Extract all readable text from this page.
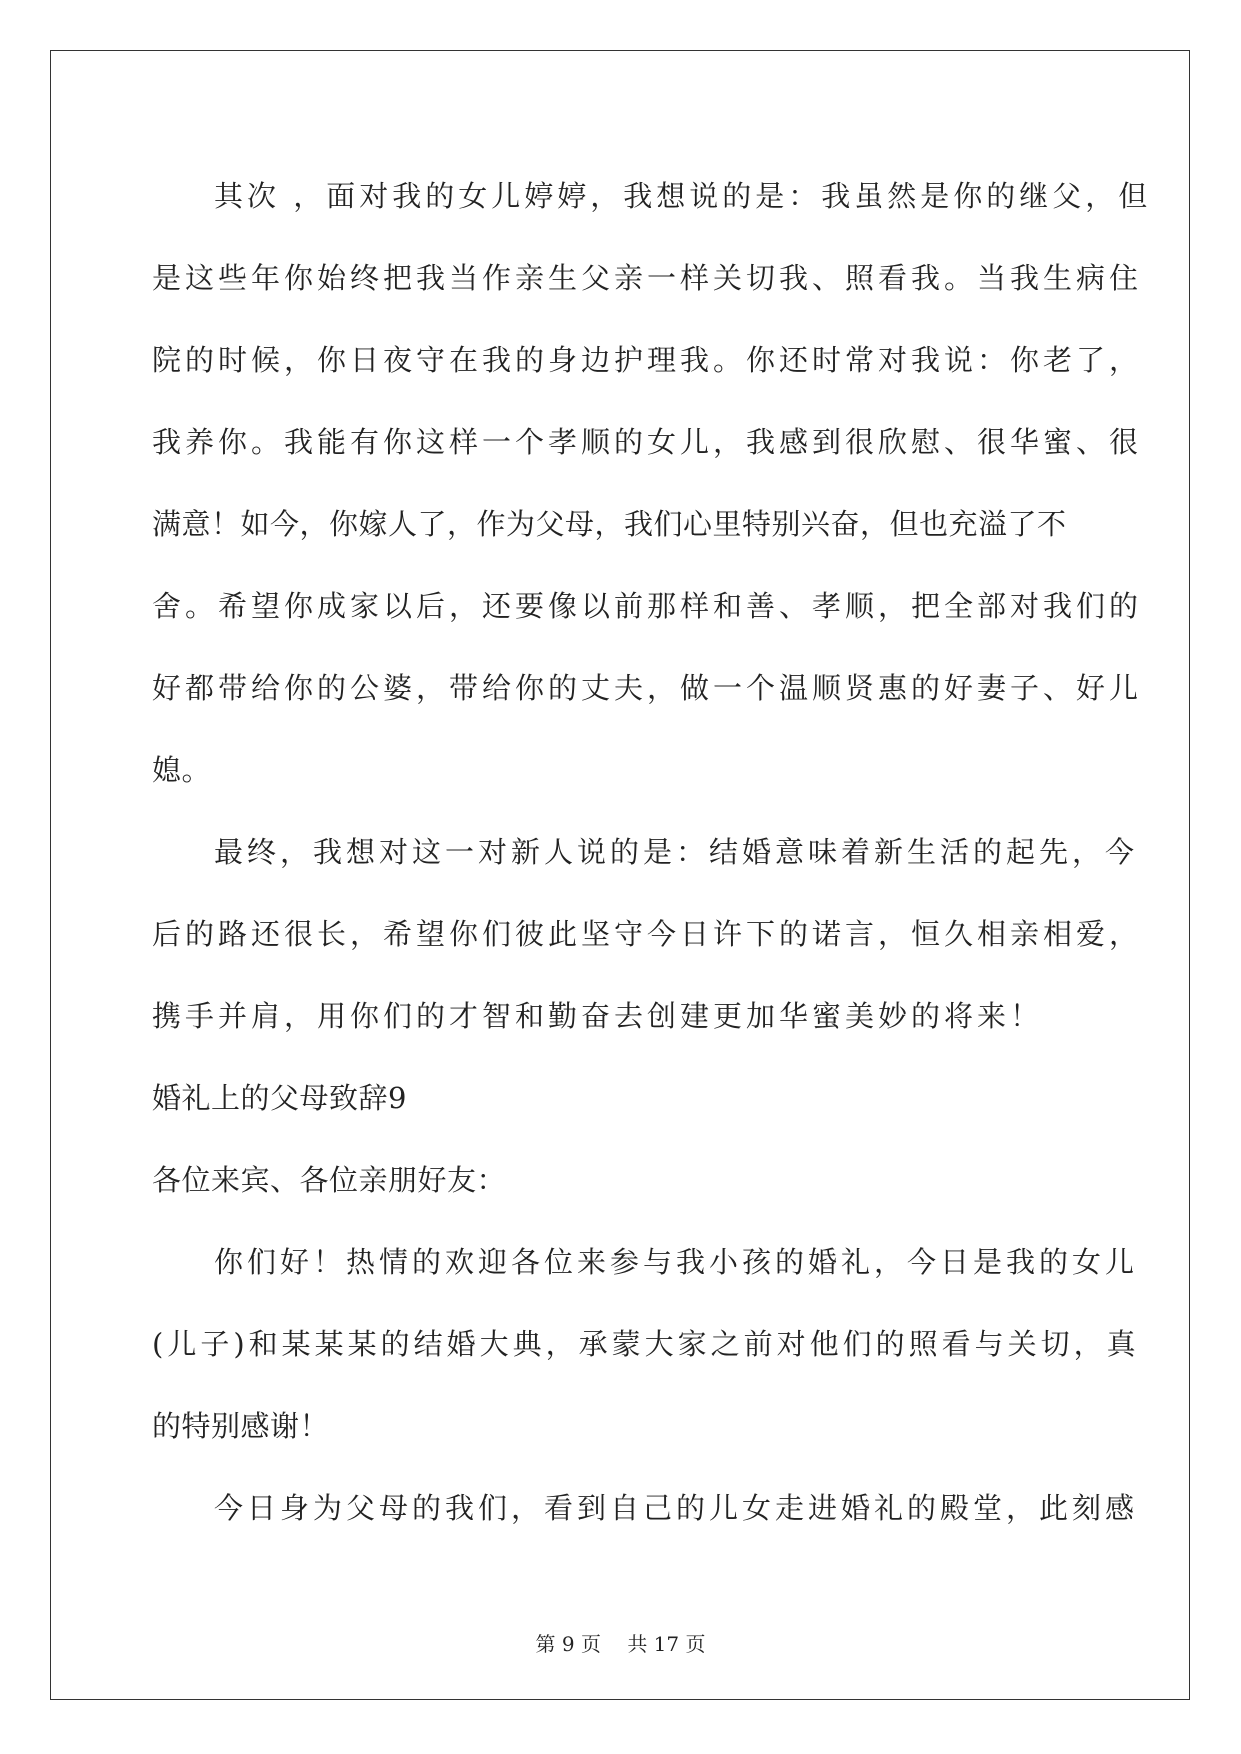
其次 ，面对我的女儿婷婷，我想说的是：我虽然是你的继父，但
是这些年你始终把我当作亲生父亲一样关切我、照看我。当我生病住
院的时候，你日夜守在我的身边护理我。你还时常对我说：你老了，
我养你。我能有你这样一个孝顺的女儿，我感到很欣慰、很华蜜、很
满意！如今，你嫁人了，作为父母，我们心里特别兴奋，但也充溢了不
舍。希望你成家以后，还要像以前那样和善、孝顺，把全部对我们的
好都带给你的公婆，带给你的丈夫，做一个温顺贤惠的好妻子、好儿
媳。
最终，我想对这一对新人说的是：结婚意味着新生活的起先，今
后的路还很长，希望你们彼此坚守今日许下的诺言，恒久相亲相爱，
携手并肩，用你们的才智和勤奋去创建更加华蜜美妙的将来！
婚礼上的父母致辞9
各位来宾、各位亲朋好友：
你们好！热情的欢迎各位来参与我小孩的婚礼，今日是我的女儿
(儿子)和某某某的结婚大典，承蒙大家之前对他们的照看与关切，真
的特别感谢！
今日身为父母的我们，看到自己的儿女走进婚礼的殿堂，此刻感
第 9 页 共 17 页
